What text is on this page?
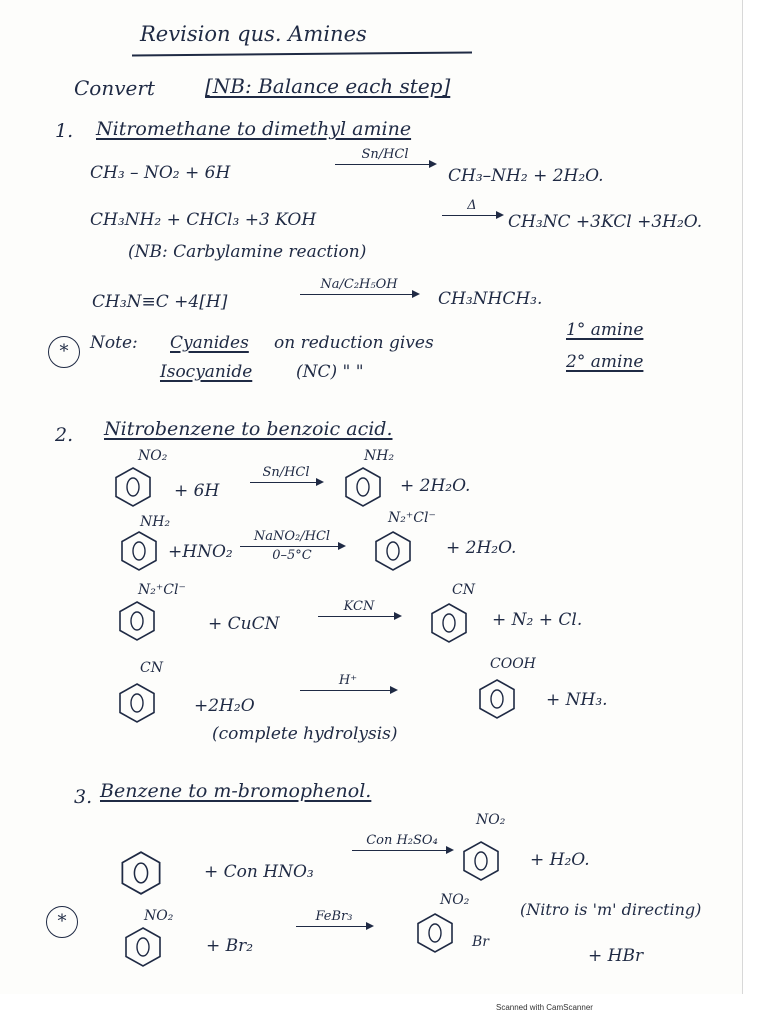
Revision qus. Amines
Convert	[NB: Balance each step]
1. Nitromethane to dimethyl amine
CH₃ – NO₂ + 6H
Sn/HCl
CH₃–NH₂ + 2H₂O.
CH₃NH₂ + CHCl₃ +3 KOH
Δ
CH₃NC +3KCl +3H₂O.
(NB: Carbylamine reaction)
CH₃N≡C +4[H]
Na/C₂H₅OH
CH₃NHCH₃.
*	Note: Cyanides on reduction gives
1° amine
Isocyanide	(NC) " "	2° amine
2. Nitrobenzene to benzoic acid.
NO₂
+ 6H
Sn/HCl
NH₂
+ 2H₂O.
NH₂
+HNO₂
NaNO₂/HCl
0–5°C
N₂⁺Cl⁻
+ 2H₂O.
N₂⁺Cl⁻
+ CuCN
KCN
CN
+ N₂ + Cl.
CN
+2H₂O
H⁺
COOH
+ NH₃.
(complete hydrolysis)
3. Benzene to m-bromophenol.
+ Con HNO₃
Con H₂SO₄
NO₂
+ H₂O.
*	NO₂
+ Br₂
FeBr₃
NO₂
Br
(Nitro is 'm' directing)
+ HBr
Scanned with CamScanner
